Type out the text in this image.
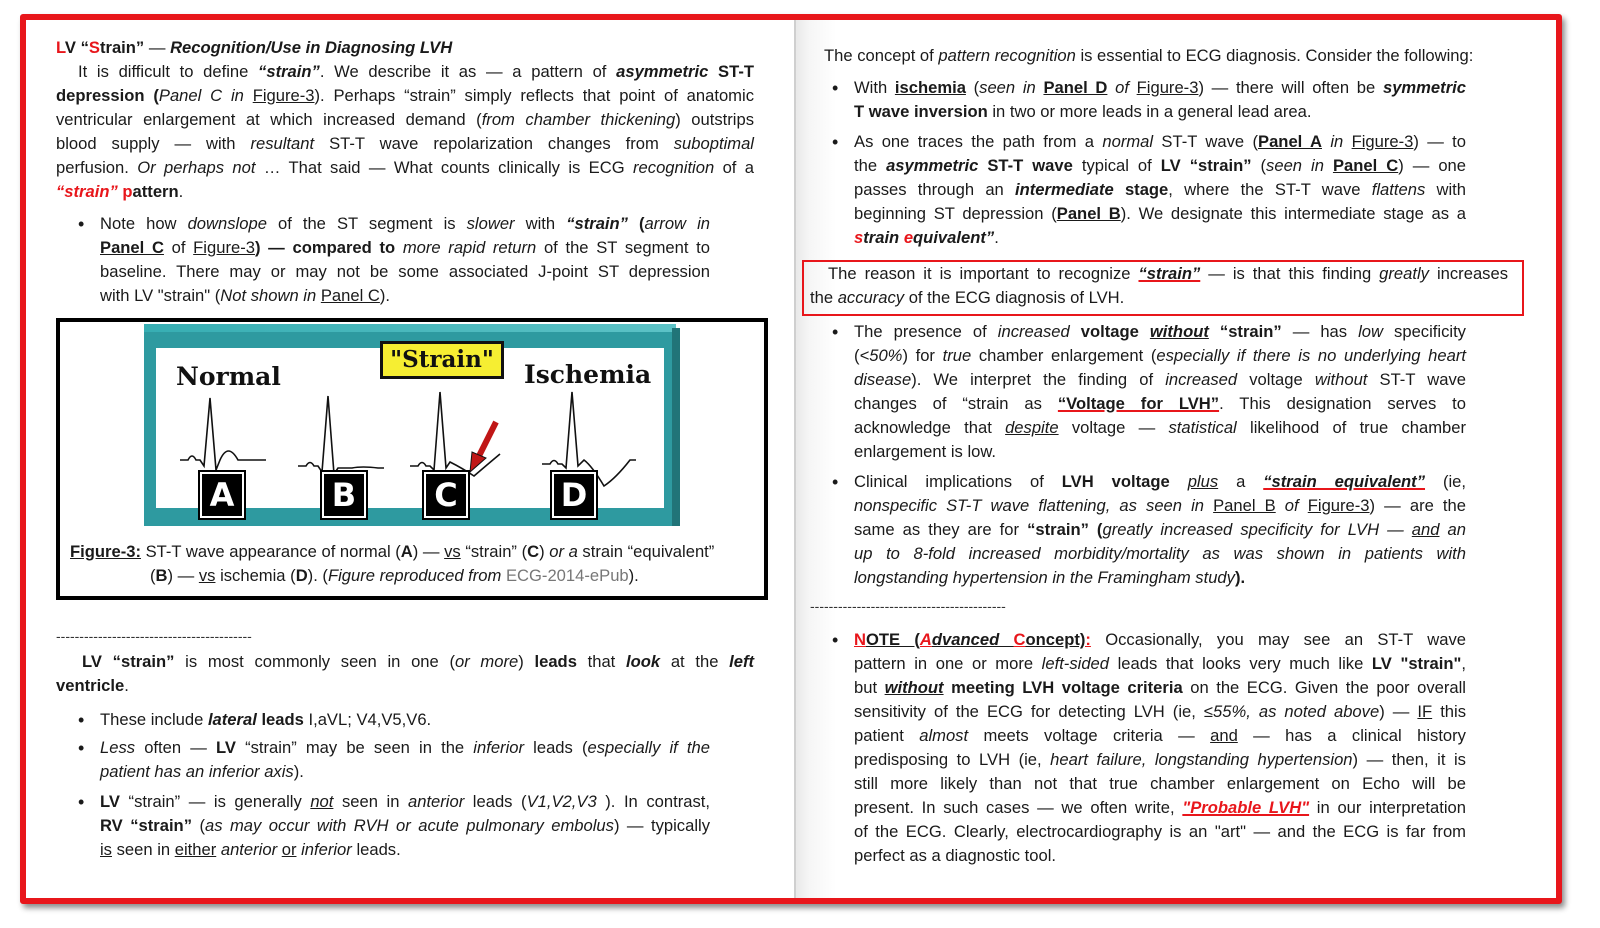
LV “Strain” — Recognition/Use in Diagnosing LVH
It is difficult to define “strain”. We describe it as — a pattern of asymmetric ST-T
depression (Panel C in Figure-3). Perhaps “strain” simply reflects that point of anatomic
ventricular enlargement at which increased demand (from chamber thickening) outstrips
blood supply — with resultant ST-T wave repolarization changes from suboptimal
perfusion. Or perhaps not … That said — What counts clinically is ECG recognition of a
“strain” pattern.
• Note how downslope of the ST segment is slower with “strain” (arrow in
Panel C of Figure-3) — compared to more rapid return of the ST segment to
baseline. There may or may not be some associated J-point ST depression
with LV "strain" (Not shown in Panel C).
Normal
"Strain"
Ischemia
A	B	C	D
Figure-3: ST-T wave appearance of normal (A) — vs “strain” (C) or a strain “equivalent”
(B) — vs ischemia (D). (Figure reproduced from ECG-2014-ePub).
------------------------------------------
LV “strain” is most commonly seen in one (or more) leads that look at the left
ventricle.
• These include lateral leads I,aVL; V4,V5,V6.
• Less often — LV “strain” may be seen in the inferior leads (especially if the
patient has an inferior axis).
• LV “strain” — is generally not seen in anterior leads (V1,V2,V3 ). In contrast,
RV “strain” (as may occur with RVH or acute pulmonary embolus) — typically
is seen in either anterior or inferior leads.
The concept of pattern recognition is essential to ECG diagnosis. Consider the following:
• With ischemia (seen in Panel D of Figure-3) — there will often be symmetric
T wave inversion in two or more leads in a general lead area.
• As one traces the path from a normal ST-T wave (Panel A in Figure-3) — to
the asymmetric ST-T wave typical of LV “strain” (seen in Panel C) — one
passes through an intermediate stage, where the ST-T wave flattens with
beginning ST depression (Panel B). We designate this intermediate stage as a
strain equivalent”.
The reason it is important to recognize “strain” — is that this finding greatly increases
the accuracy of the ECG diagnosis of LVH.
• The presence of increased voltage without “strain” — has low specificity
(<50%) for true chamber enlargement (especially if there is no underlying heart
disease). We interpret the finding of increased voltage without ST-T wave
changes of “strain as “Voltage for LVH”. This designation serves to
acknowledge that despite voltage — statistical likelihood of true chamber
enlargement is low.
• Clinical implications of LVH voltage plus a “strain equivalent” (ie,
nonspecific ST-T wave flattening, as seen in Panel B of Figure-3) — are the
same as they are for “strain” (greatly increased specificity for LVH — and an
up to 8-fold increased morbidity/mortality as was shown in patients with
longstanding hypertension in the Framingham study).
------------------------------------------
• NOTE (Advanced Concept): Occasionally, you may see an ST-T wave
pattern in one or more left-sided leads that looks very much like LV "strain",
but without meeting LVH voltage criteria on the ECG. Given the poor overall
sensitivity of the ECG for detecting LVH (ie, ≤55%, as noted above) — IF this
patient almost meets voltage criteria — and — has a clinical history
predisposing to LVH (ie, heart failure, longstanding hypertension) — then, it is
still more likely than not that true chamber enlargement on Echo will be
present. In such cases — we often write, "Probable LVH" in our interpretation
of the ECG. Clearly, electrocardiography is an "art" — and the ECG is far from
perfect as a diagnostic tool.
